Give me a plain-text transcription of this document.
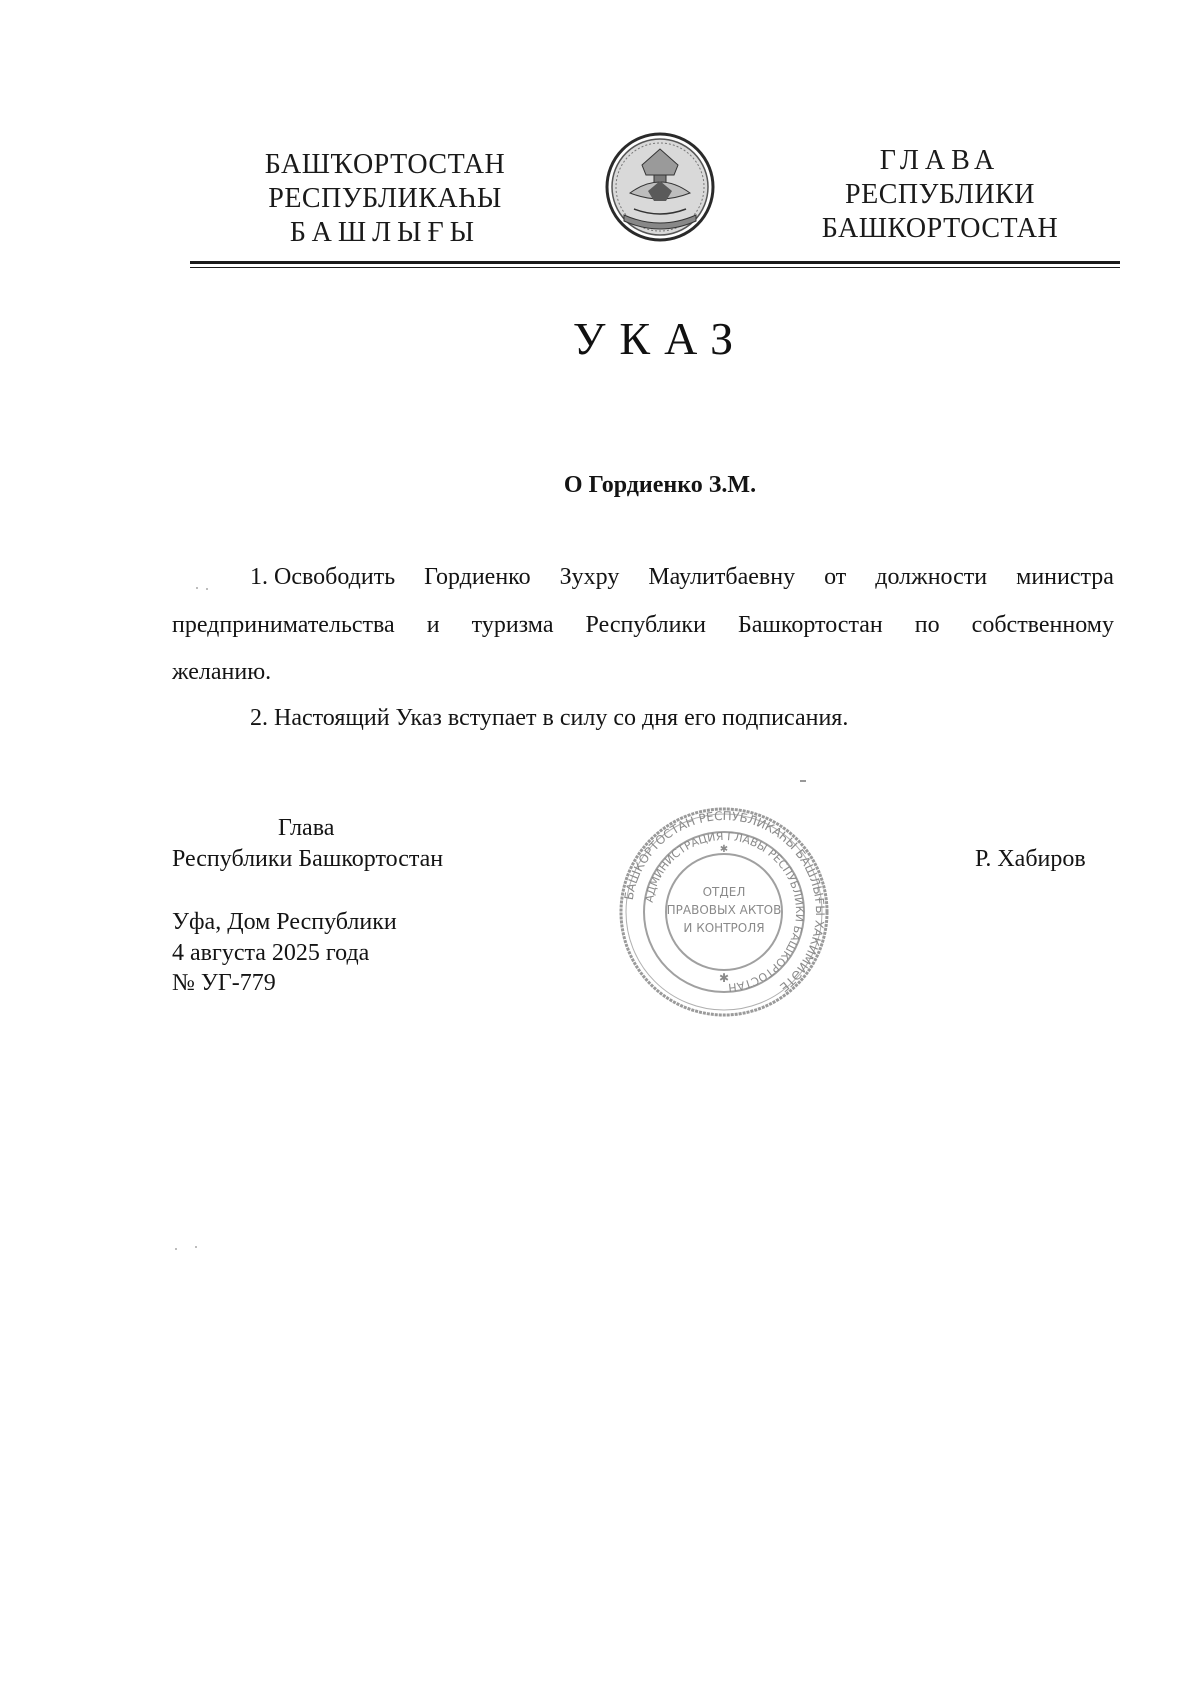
БАШҠОРТОСТАН
РЕСПУБЛИКАҺЫ
БАШЛЫҒЫ
ГЛАВА
РЕСПУБЛИКИ
БАШКОРТОСТАН
УКАЗ
О Гордиенко З.М.
1. Освободить Гордиенко Зухру Маулитбаевну от должности министра
предпринимательства и туризма Республики Башкортостан по собственному
желанию.
2. Настоящий Указ вступает в силу со дня его подписания.
Глава
Республики Башкортостан	Р. Хабиров
Уфа, Дом Республики
4 августа 2025 года
№ УГ-779
БАШКОРТОСТАН РЕСПУБЛИКАҺЫ БАШЛЫҒЫ ХАКИМИӘТЕ
АДМИНИСТРАЦИЯ ГЛАВЫ РЕСПУБЛИКИ БАШКОРТОСТАН
ОТДЕЛ
ПРАВОВЫХ АКТОВ
И КОНТРОЛЯ
✱
✱
